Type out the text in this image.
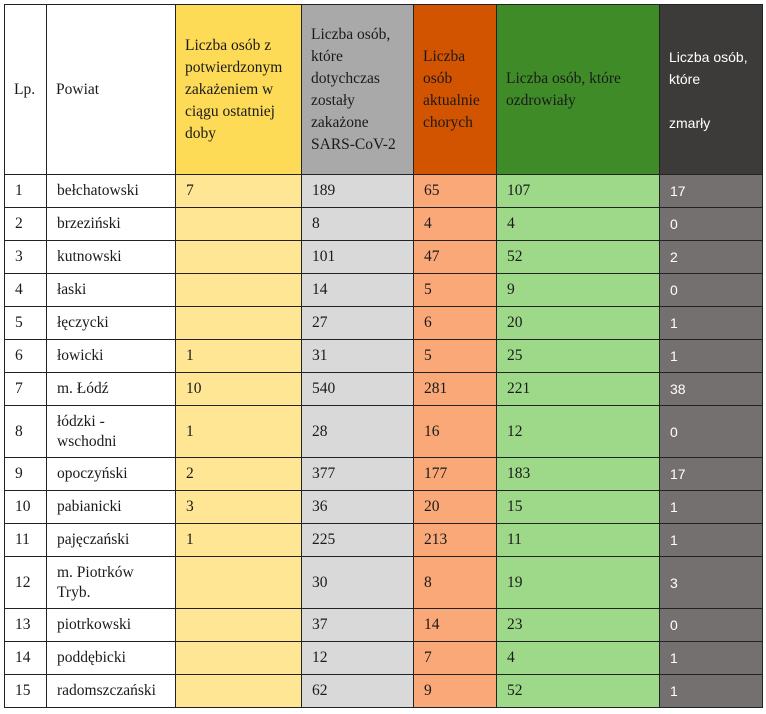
Lp.	Powiat	Liczba osób z potwierdzonym zakażeniem w ciągu ostatniej doby	Liczba osób, które dotychczas zostały zakażone SARS-CoV-2	Liczba osób aktualnie chorych	Liczba osób, które ozdrowiały	Liczba osób, które
zmarły
1	bełchatowski	7	189	65	107	17
2	brzeziński		8	4	4	0
3	kutnowski		101	47	52	2
4	łaski		14	5	9	0
5	łęczycki		27	6	20	1
6	łowicki	1	31	5	25	1
7	m. Łódź	10	540	281	221	38
8	łódzki - wschodni	1	28	16	12	0
9	opoczyński	2	377	177	183	17
10	pabianicki	3	36	20	15	1
11	pajęczański	1	225	213	11	1
12	m. Piotrków Tryb.		30	8	19	3
13	piotrkowski		37	14	23	0
14	poddębicki		12	7	4	1
15	radomszczański		62	9	52	1
